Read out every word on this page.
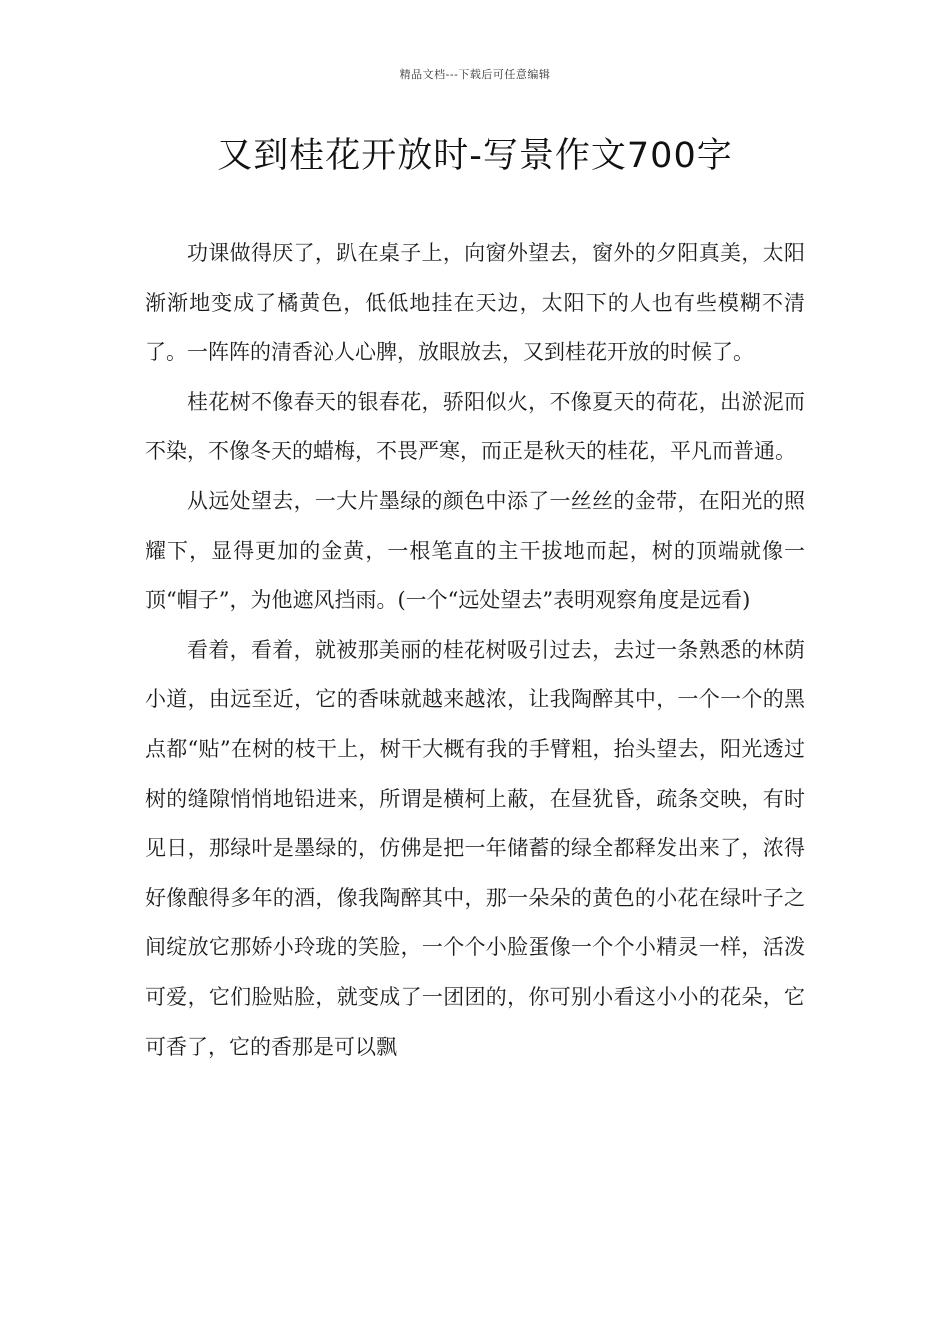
精品文档---下载后可任意编辑
又到桂花开放时-写景作文700字

功课做得厌了，趴在桌子上，向窗外望去，窗外的夕阳真美，太阳渐渐地变成了橘黄色，低低地挂在天边，太阳下的人也有些模糊不清了。一阵阵的清香沁人心脾，放眼放去，又到桂花开放的时候了。

桂花树不像春天的银春花，骄阳似火，不像夏天的荷花，出淤泥而不染，不像冬天的蜡梅，不畏严寒，而正是秋天的桂花，平凡而普通。

从远处望去，一大片墨绿的颜色中添了一丝丝的金带，在阳光的照耀下，显得更加的金黄，一根笔直的主干拔地而起，树的顶端就像一顶“帽子”，为他遮风挡雨。(一个“远处望去”表明观察角度是远看)

看着，看着，就被那美丽的桂花树吸引过去，去过一条熟悉的林荫小道，由远至近，它的香味就越来越浓，让我陶醉其中，一个一个的黑点都“贴”在树的枝干上，树干大概有我的手臂粗，抬头望去，阳光透过树的缝隙悄悄地铅进来，所谓是横柯上蔽，在昼犹昏，疏条交映，有时见日，那绿叶是墨绿的，仿佛是把一年储蓄的绿全都释发出来了，浓得好像酿得多年的酒，像我陶醉其中，那一朵朵的黄色的小花在绿叶子之间绽放它那娇小玲珑的笑脸，一个个小脸蛋像一个个小精灵一样，活泼可爱，它们脸贴脸，就变成了一团团的，你可别小看这小小的花朵，它可香了，它的香那是可以飘
